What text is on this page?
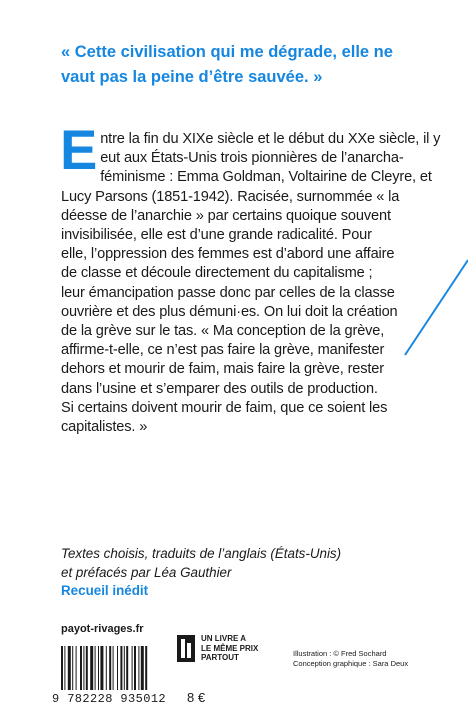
« Cette civilisation qui me dégrade, elle ne
vaut pas la peine d’être sauvée. »

E ntre la fin du XIXe siècle et le début du XXe siècle, il y
eut aux États-Unis trois pionnières de l’anarcha-
féminisme : Emma Goldman, Voltairine de Cleyre, et
Lucy Parsons (1851-1942). Racisée, surnommée « la
déesse de l’anarchie » par certains quoique souvent
invisibilisée, elle est d’une grande radicalité. Pour
elle, l’oppression des femmes est d’abord une affaire
de classe et découle directement du capitalisme ;
leur émancipation passe donc par celles de la classe
ouvrière et des plus démuni·es. On lui doit la création
de la grève sur le tas. « Ma conception de la grève,
affirme-t-elle, ce n’est pas faire la grève, manifester
dehors et mourir de faim, mais faire la grève, rester
dans l’usine et s’emparer des outils de production.
Si certains doivent mourir de faim, que ce soient les
capitalistes. »

Textes choisis, traduits de l’anglais (États-Unis)
et préfacés par Léa Gauthier
Recueil inédit

payot-rivages.fr
UN LIVRE A
LE MÊME PRIX
PARTOUT	Illustration : © Fred Sochard
Conception graphique : Sara Deux
9 782228 935012 8 €
